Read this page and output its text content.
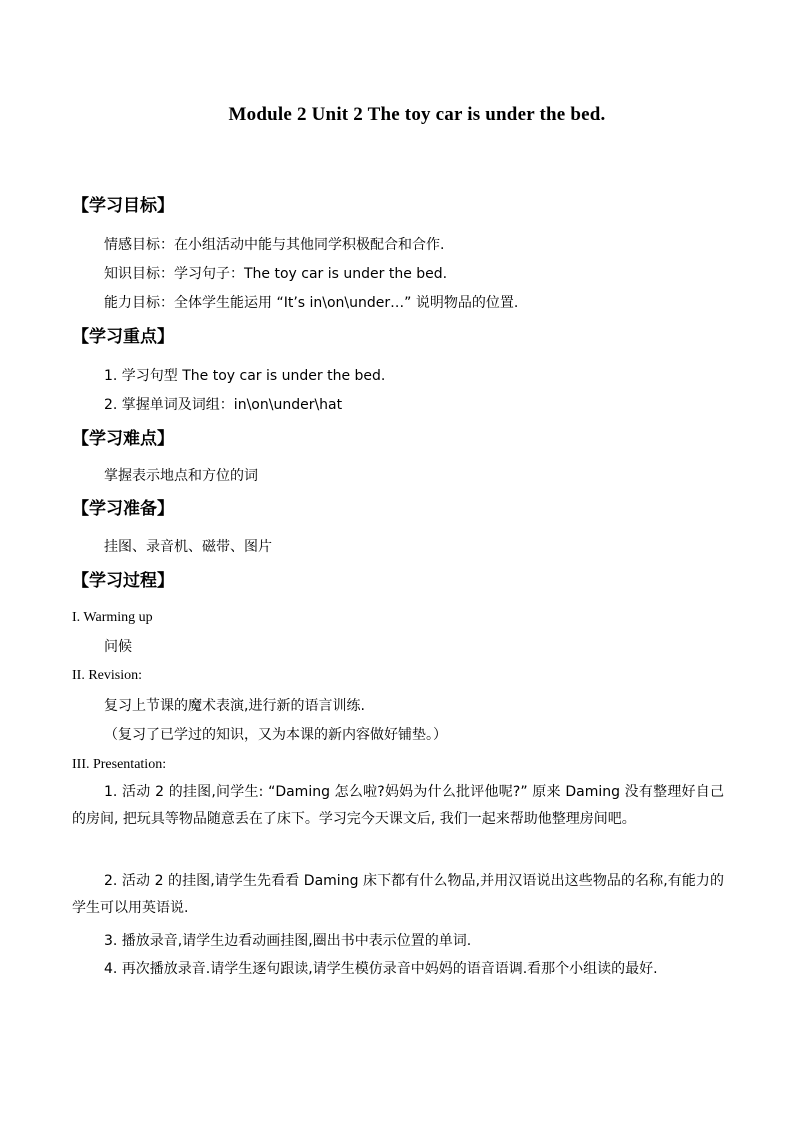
Module 2 Unit 2 The toy car is under the bed.
【学习目标】
情感目标：在小组活动中能与其他同学积极配合和合作.
知识目标：学习句子：The toy car is under the bed.
能力目标：全体学生能运用 “It’s in\on\under…” 说明物品的位置.
【学习重点】
1. 学习句型 The toy car is under the bed.
2. 掌握单词及词组：in\on\under\hat
【学习难点】
掌握表示地点和方位的词
【学习准备】
挂图、录音机、磁带、图片
【学习过程】
I. Warming up
问候
II. Revision:
复习上节课的魔术表演,进行新的语言训练.
（复习了已学过的知识，又为本课的新内容做好铺垫。）
III. Presentation:
1. 活动 2 的挂图,问学生: “Daming 怎么啦?妈妈为什么批评他呢?” 原来 Daming 没有整理好自己的房间, 把玩具等物品随意丢在了床下。学习完今天课文后, 我们一起来帮助他整理房间吧。
2. 活动 2 的挂图,请学生先看看 Daming 床下都有什么物品,并用汉语说出这些物品的名称,有能力的学生可以用英语说.
3. 播放录音,请学生边看动画挂图,圈出书中表示位置的单词.
4. 再次播放录音.请学生逐句跟读,请学生模仿录音中妈妈的语音语调.看那个小组读的最好.
